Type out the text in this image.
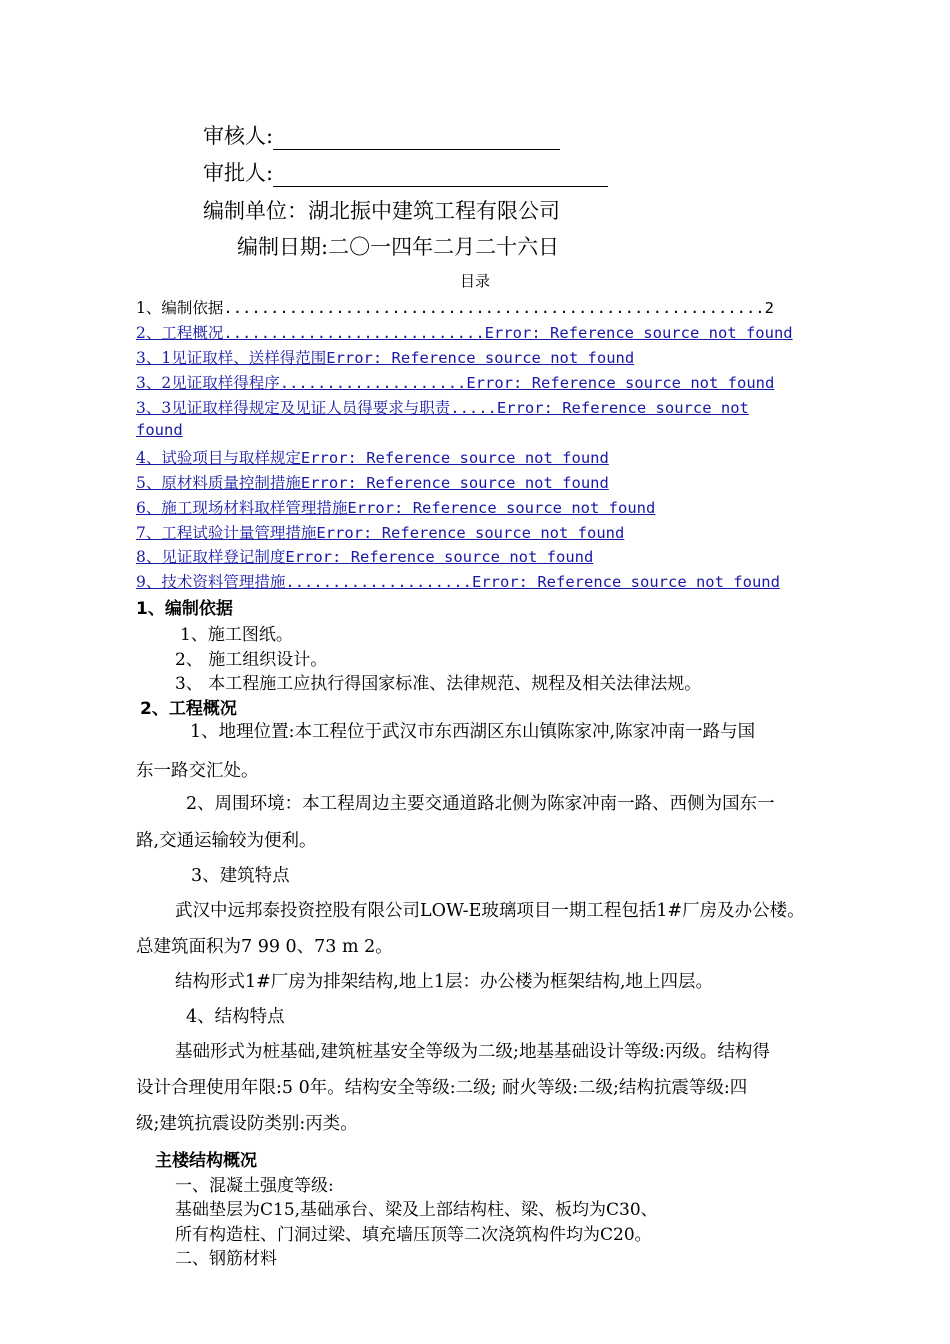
审核人:
审批人:
编制单位：湖北振中建筑工程有限公司
编制日期:二〇一四年二月二十六日
目录
1、编制依据..........................................................2
2、工程概况............................Error: Reference source not found
3、1见证取样、送样得范围Error: Reference source not found
3、2见证取样得程序....................Error: Reference source not found
3、3见证取样得规定及见证人员得要求与职责.....Error: Reference source not
found
4、试验项目与取样规定Error: Reference source not found
5、原材料质量控制措施Error: Reference source not found
6、施工现场材料取样管理措施Error: Reference source not found
7、工程试验计量管理措施Error: Reference source not found
8、见证取样登记制度Error: Reference source not found
9、技术资料管理措施....................Error: Reference source not found
1、编制依据
1、施工图纸。
2、 施工组织设计。
3、 本工程施工应执行得国家标准、法律规范、规程及相关法律法规。
2、工程概况
1、地理位置:本工程位于武汉市东西湖区东山镇陈家冲,陈家冲南一路与国
东一路交汇处。
2、周围环境：本工程周边主要交通道路北侧为陈家冲南一路、西侧为国东一
路,交通运输较为便利。
3、建筑特点
武汉中远邦泰投资控股有限公司LOW-E玻璃项目一期工程包括1#厂房及办公楼。
总建筑面积为7 99 0、73 m 2。
结构形式1#厂房为排架结构,地上1层：办公楼为框架结构,地上四层。
4、结构特点
基础形式为桩基础,建筑桩基安全等级为二级;地基基础设计等级:丙级。结构得
设计合理使用年限:5 0年。结构安全等级:二级; 耐火等级:二级;结构抗震等级:四
级;建筑抗震设防类别:丙类。
主楼结构概况
一、混凝土强度等级:
基础垫层为C15,基础承台、梁及上部结构柱、梁、板均为C30、
所有构造柱、门洞过梁、填充墙压顶等二次浇筑构件均为C20。
二、钢筋材料
